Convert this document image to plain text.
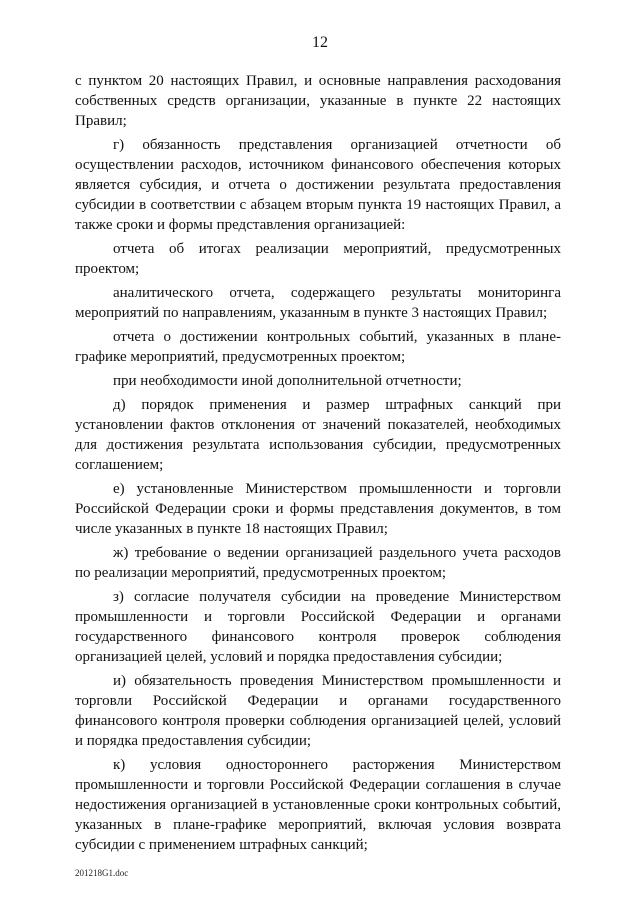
12

с пунктом 20 настоящих Правил, и основные направления расходования собственных средств организации, указанные в пункте 22 настоящих Правил;

г) обязанность представления организацией отчетности об осуществлении расходов, источником финансового обеспечения которых является субсидия, и отчета о достижении результата предоставления субсидии в соответствии с абзацем вторым пункта 19 настоящих Правил, а также сроки и формы представления организацией:

отчета об итогах реализации мероприятий, предусмотренных проектом;

аналитического отчета, содержащего результаты мониторинга мероприятий по направлениям, указанным в пункте 3 настоящих Правил;

отчета о достижении контрольных событий, указанных в плане-графике мероприятий, предусмотренных проектом;

при необходимости иной дополнительной отчетности;

д) порядок применения и размер штрафных санкций при установлении фактов отклонения от значений показателей, необходимых для достижения результата использования субсидии, предусмотренных соглашением;

е) установленные Министерством промышленности и торговли Российской Федерации сроки и формы представления документов, в том числе указанных в пункте 18 настоящих Правил;

ж) требование о ведении организацией раздельного учета расходов по реализации мероприятий, предусмотренных проектом;

з) согласие получателя субсидии на проведение Министерством промышленности и торговли Российской Федерации и органами государственного финансового контроля проверок соблюдения организацией целей, условий и порядка предоставления субсидии;

и) обязательность проведения Министерством промышленности и торговли Российской Федерации и органами государственного финансового контроля проверки соблюдения организацией целей, условий и порядка предоставления субсидии;

к) условия одностороннего расторжения Министерством промышленности и торговли Российской Федерации соглашения в случае недостижения организацией в установленные сроки контрольных событий, указанных в плане-графике мероприятий, включая условия возврата субсидии с применением штрафных санкций;

201218G1.doc
